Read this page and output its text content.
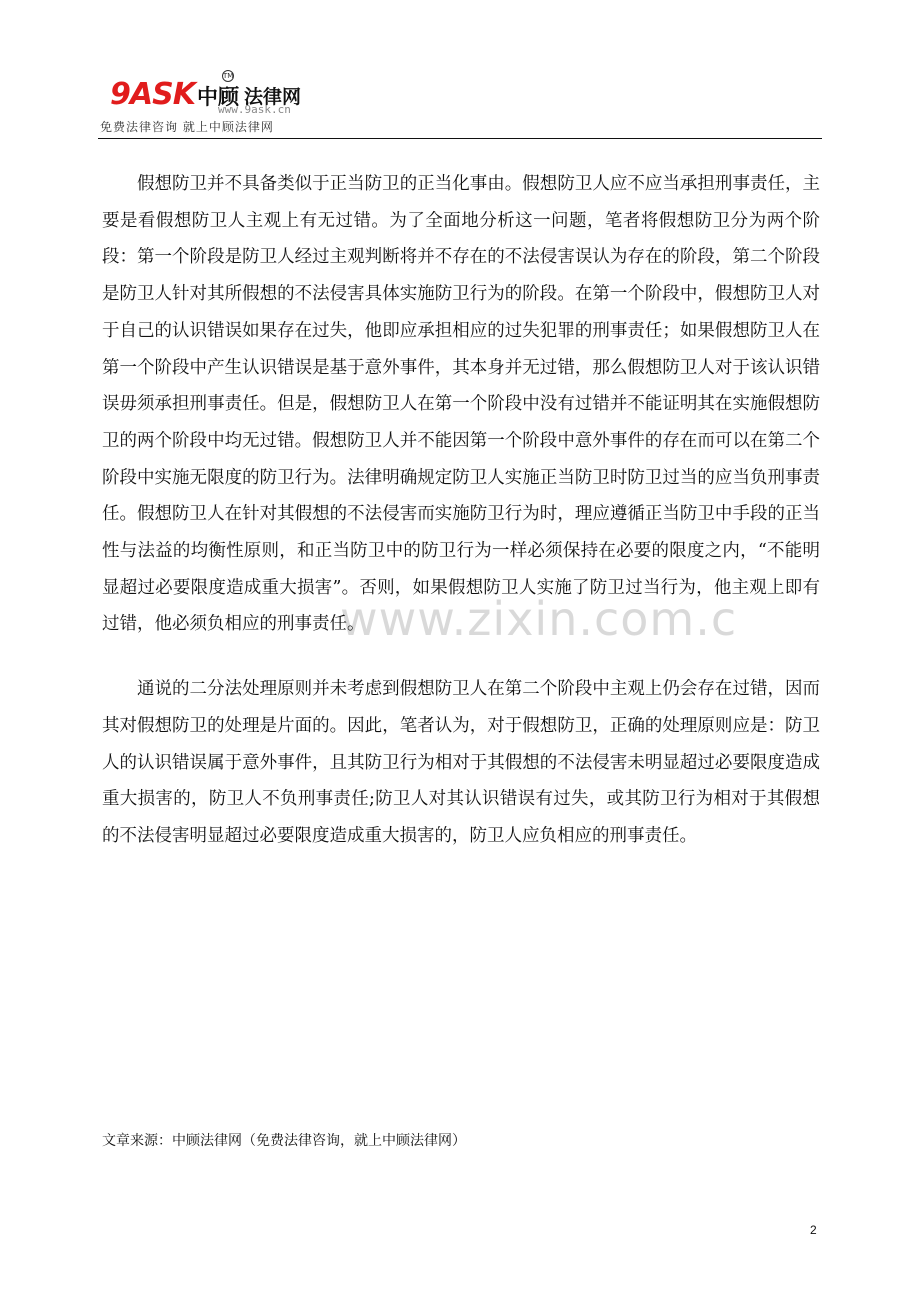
9ASK 中顾 法律网
TM
www.9ask.cn
免费法律咨询 就上中顾法律网
www.zixin.com.c

假想防卫并不具备类似于正当防卫的正当化事由。假想防卫人应不应当承担刑事责任，主要是看假想防卫人主观上有无过错。为了全面地分析这一问题，笔者将假想防卫分为两个阶段：第一个阶段是防卫人经过主观判断将并不存在的不法侵害误认为存在的阶段，第二个阶段是防卫人针对其所假想的不法侵害具体实施防卫行为的阶段。在第一个阶段中，假想防卫人对于自己的认识错误如果存在过失，他即应承担相应的过失犯罪的刑事责任；如果假想防卫人在第一个阶段中产生认识错误是基于意外事件，其本身并无过错，那么假想防卫人对于该认识错误毋须承担刑事责任。但是，假想防卫人在第一个阶段中没有过错并不能证明其在实施假想防卫的两个阶段中均无过错。假想防卫人并不能因第一个阶段中意外事件的存在而可以在第二个阶段中实施无限度的防卫行为。法律明确规定防卫人实施正当防卫时防卫过当的应当负刑事责任。假想防卫人在针对其假想的不法侵害而实施防卫行为时，理应遵循正当防卫中手段的正当性与法益的均衡性原则，和正当防卫中的防卫行为一样必须保持在必要的限度之内，“不能明显超过必要限度造成重大损害”。否则，如果假想防卫人实施了防卫过当行为，他主观上即有过错，他必须负相应的刑事责任。

通说的二分法处理原则并未考虑到假想防卫人在第二个阶段中主观上仍会存在过错，因而其对假想防卫的处理是片面的。因此，笔者认为，对于假想防卫，正确的处理原则应是：防卫人的认识错误属于意外事件，且其防卫行为相对于其假想的不法侵害未明显超过必要限度造成重大损害的，防卫人不负刑事责任;防卫人对其认识错误有过失，或其防卫行为相对于其假想的不法侵害明显超过必要限度造成重大损害的，防卫人应负相应的刑事责任。

文章来源：中顾法律网（免费法律咨询，就上中顾法律网）
2
